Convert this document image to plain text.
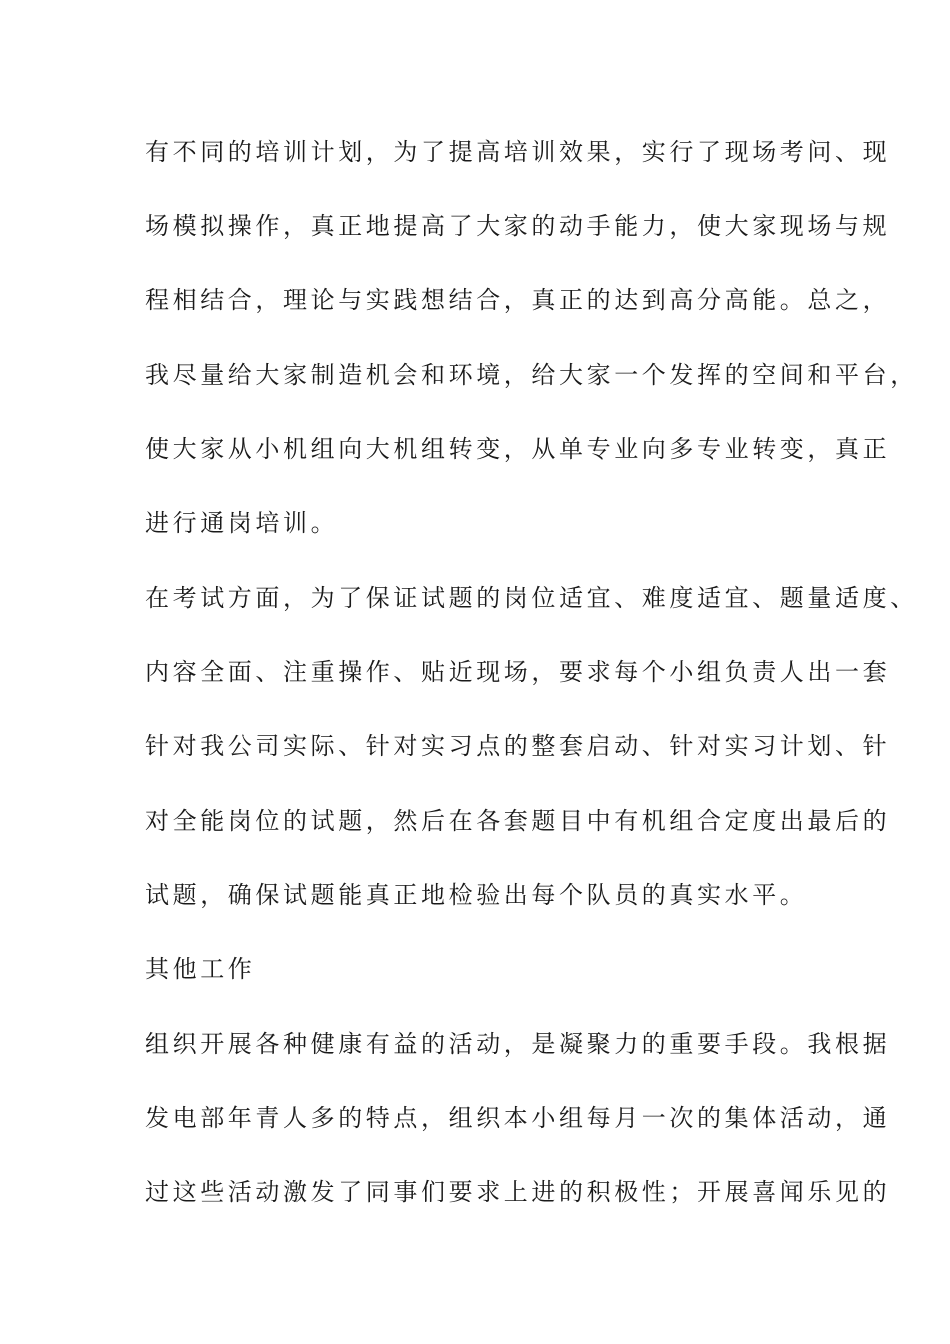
有不同的培训计划，为了提高培训效果，实行了现场考问、现

场模拟操作，真正地提高了大家的动手能力，使大家现场与规

程相结合，理论与实践想结合，真正的达到高分高能。总之，

我尽量给大家制造机会和环境，给大家一个发挥的空间和平台，

使大家从小机组向大机组转变，从单专业向多专业转变，真正

进行通岗培训。

在考试方面，为了保证试题的岗位适宜、难度适宜、题量适度、

内容全面、注重操作、贴近现场，要求每个小组负责人出一套

针对我公司实际、针对实习点的整套启动、针对实习计划、针

对全能岗位的试题，然后在各套题目中有机组合定度出最后的

试题，确保试题能真正地检验出每个队员的真实水平。

其他工作

组织开展各种健康有益的活动，是凝聚力的重要手段。我根据

发电部年青人多的特点，组织本小组每月一次的集体活动，通

过这些活动激发了同事们要求上进的积极性；开展喜闻乐见的
